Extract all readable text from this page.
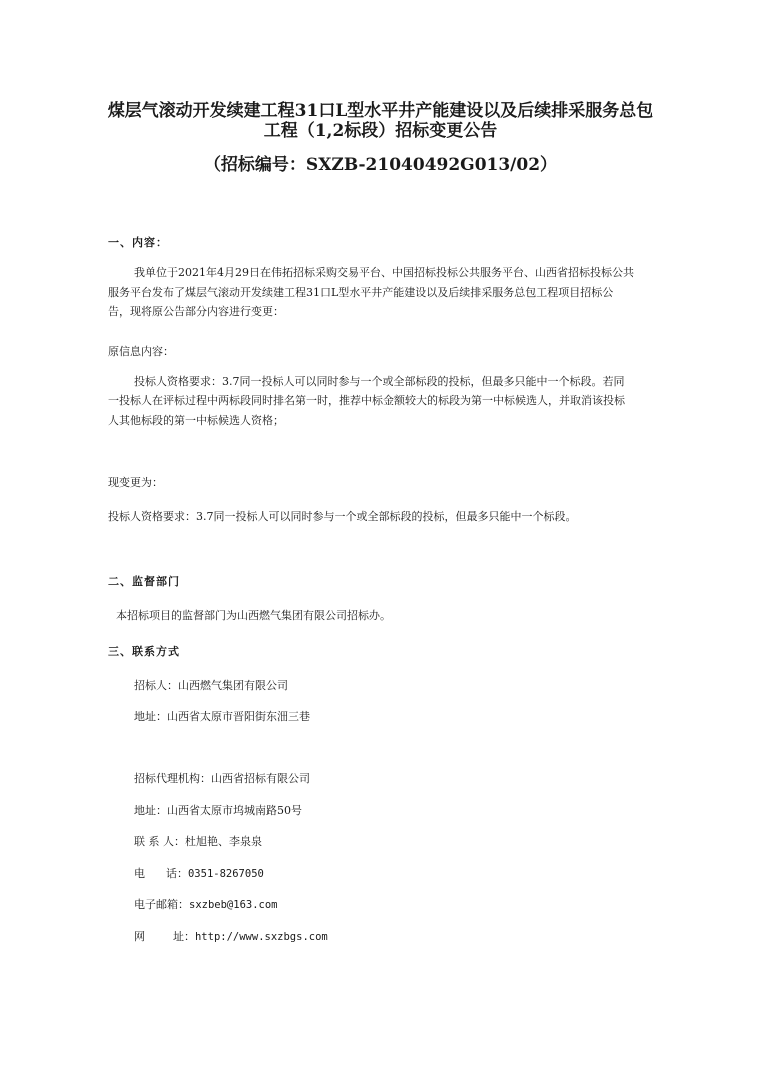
煤层气滚动开发续建工程31口L型水平井产能建设以及后续排采服务总包
工程（1,2标段）招标变更公告
（招标编号：SXZB-21040492G013/02）
一、内容：
我单位于2021年4月29日在伟拓招标采购交易平台、中国招标投标公共服务平台、山西省招标投标公共
服务平台发布了煤层气滚动开发续建工程31口L型水平井产能建设以及后续排采服务总包工程项目招标公
告，现将原公告部分内容进行变更：
原信息内容：
投标人资格要求：3.7同一投标人可以同时参与一个或全部标段的投标，但最多只能中一个标段。若同
一投标人在评标过程中两标段同时排名第一时，推荐中标金额较大的标段为第一中标候选人，并取消该投标
人其他标段的第一中标候选人资格；
现变更为：
投标人资格要求：3.7同一投标人可以同时参与一个或全部标段的投标，但最多只能中一个标段。
二、监督部门
本招标项目的监督部门为山西燃气集团有限公司招标办。
三、联系方式
招标人：山西燃气集团有限公司
地址：山西省太原市晋阳街东沺三巷
招标代理机构：山西省招标有限公司
地址：山西省太原市坞城南路50号
联 系 人：杜旭艳、李泉泉
电      话：0351-8267050
电子邮箱：sxzbeb@163.com
网        址：http://www.sxzbgs.com
